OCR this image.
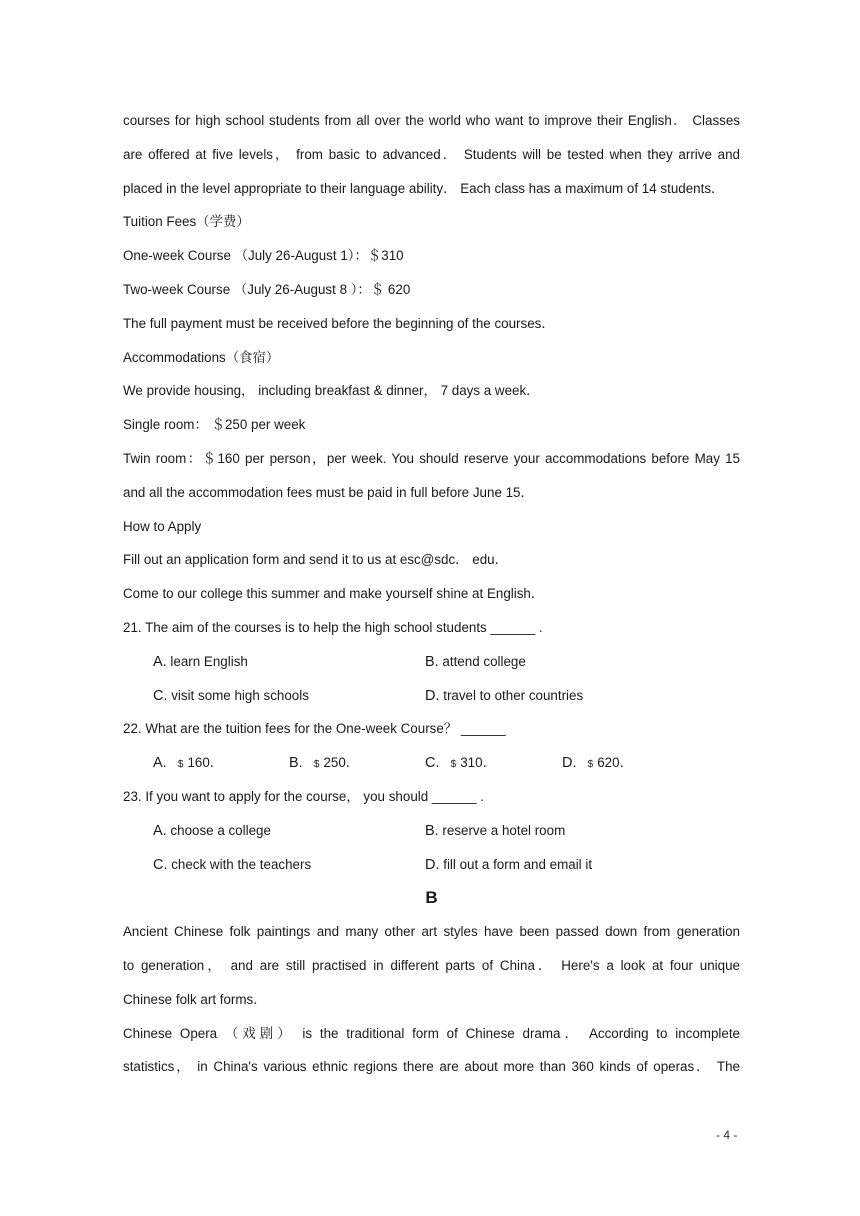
courses for high school students from all over the world who want to improve their English． Classes
are offered at five levels， from basic to advanced． Students will be tested when they arrive and
placed in the level appropriate to their language ability． Each class has a maximum of 14 students．
Tuition Fees（学费）
One-week Course （July 26-August 1）：＄310
Two-week Course （July 26-August 8 ）：＄ 620
The full payment must be received before the beginning of the courses．
Accommodations（食宿）
We provide housing， including breakfast & dinner， 7 days a week．
Single room： ＄250 per week
Twin room：＄160 per person，per week. You should reserve your accommodations before May 15
and all the accommodation fees must be paid in full before June 15．
How to Apply
Fill out an application form and send it to us at esc@sdc． edu．
Come to our college this summer and make yourself shine at English．
21. The aim of the courses is to help the high school students ______ .
A. learn English	B. attend college
C. visit some high schools	D. travel to other countries
22. What are the tuition fees for the One-week Course？ ______
A. $ 160．	B. $ 250．	C. $ 310．	D. $ 620．
23. If you want to apply for the course， you should ______ .
A. choose a college	B. reserve a hotel room
C. check with the teachers	D. fill out a form and email it
B
Ancient Chinese folk paintings and many other art styles have been passed down from generation
to generation， and are still practised in different parts of China． Here's a look at four unique
Chinese folk art forms．
Chinese Opera （戏剧） is the traditional form of Chinese drama． According to incomplete
statistics， in China's various ethnic regions there are about more than 360 kinds of operas． The
- 4 -
